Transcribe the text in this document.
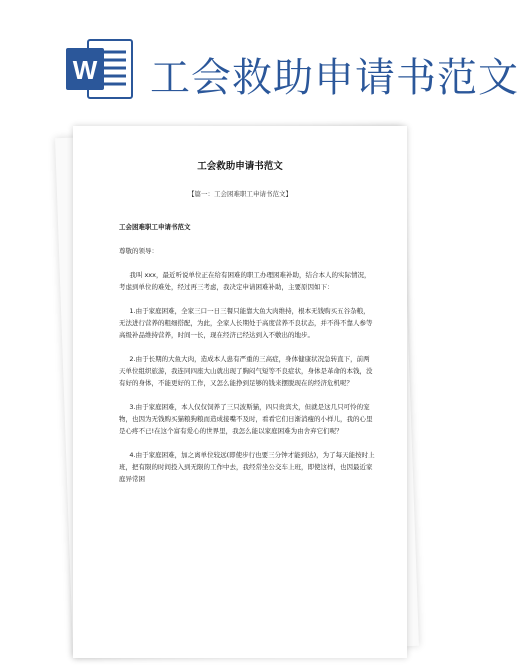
W 工会救助申请书范文
工会救助申请书范文
【篇一：工会困难职工申请书范文】

工会困难职工申请书范文

尊敬的领导：

我叫 xxx，最近听说单位正在给有困难的职工办理困难补助，结合本人的实际情况，考虑到单位的难处，经过再三考虑，我决定申请困难补助，主要原因如下：

1.由于家庭困难，全家三口一日三餐只能靠大鱼大肉维持，根本无钱购买五谷杂粮，无法进行营养的粗细搭配，为此，全家人长期处于高度营养不良状态，并不得不靠人参等高级补品维持营养，时间一长，现在经济已经达到入不敷出的地步。

2.由于长期的大鱼大肉，造成本人患有严重的三高症，身体健康状况急转直下，前两天单位组织旅游，我连同四座大山就出现了胸闷气短等不良症状，身体是革命的本钱，没有好的身体，不能更好的工作，又怎么能挣到足够的钱来摆脱现在的经济危机呢？

3.由于家庭困难，本人仅仅饲养了三只波斯猫，四只贵宾犬，但就是这几只可怜的宠物，也因为无钱购买猫粮狗粮而造成接嘴不及时，看看它们日渐消瘦的小样儿，我的心里是心疼不已!在这个富有爱心的世界里，我怎么能以家庭困难为由舍弃它们呢？

4.由于家庭困难，加之离单位较远(即使步行也要三分钟才能到达)，为了每天能按时上班，把有限的时间投入到无限的工作中去，我经常坐公交车上班，即使这样，也因最近家庭异常困
